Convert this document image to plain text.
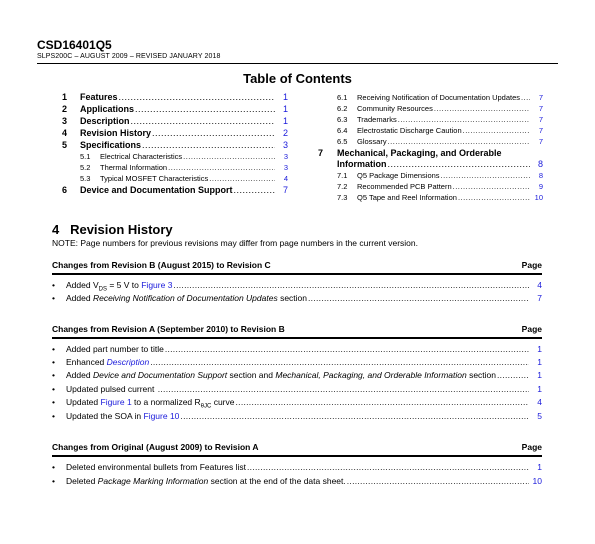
CSD16401Q5
SLPS200C – AUGUST 2009 – REVISED JANUARY 2018
Table of Contents
1	Features .....	1
2	Applications .....	1
3	Description .....	1
4	Revision History .....	2
5	Specifications .....	3
5.1	Electrical Characteristics .....	3
5.2	Thermal Information .....	3
5.3	Typical MOSFET Characteristics .....	4
6	Device and Documentation Support .....	7
6.1	Receiving Notification of Documentation Updates .....	7
6.2	Community Resources .....	7
6.3	Trademarks .....	7
6.4	Electrostatic Discharge Caution .....	7
6.5	Glossary .....	7
7 Mechanical, Packaging, and Orderable
Information .....	8
7.1	Q5 Package Dimensions .....	8
7.2	Recommended PCB Pattern .....	9
7.3	Q5 Tape and Reel Information .....	10
4 Revision History
NOTE: Page numbers for previous revisions may differ from page numbers in the current version.
Changes from Revision B (August 2015) to Revision C	Page
•	Added $V_{DS} = 5$ V to Figure 3 .....	4
•	Added Receiving Notification of Documentation Updates section .....	7
Changes from Revision A (September 2010) to Revision B	Page
•	Added part number to title .....	1
•	Enhanced Description .....	1
•	Added Device and Documentation Support section and Mechanical, Packaging, and Orderable Information section .....	1
•	Updated pulsed current .....	1
•	Updated Figure 1 to a normalized $R_{\theta JC}$ curve .....	4
•	Updated the SOA in Figure 10 .....	5
Changes from Original (August 2009) to Revision A	Page
•	Deleted environmental bullets from Features list .....	1
•	Deleted Package Marking Information section at the end of the data sheet. .....	10
